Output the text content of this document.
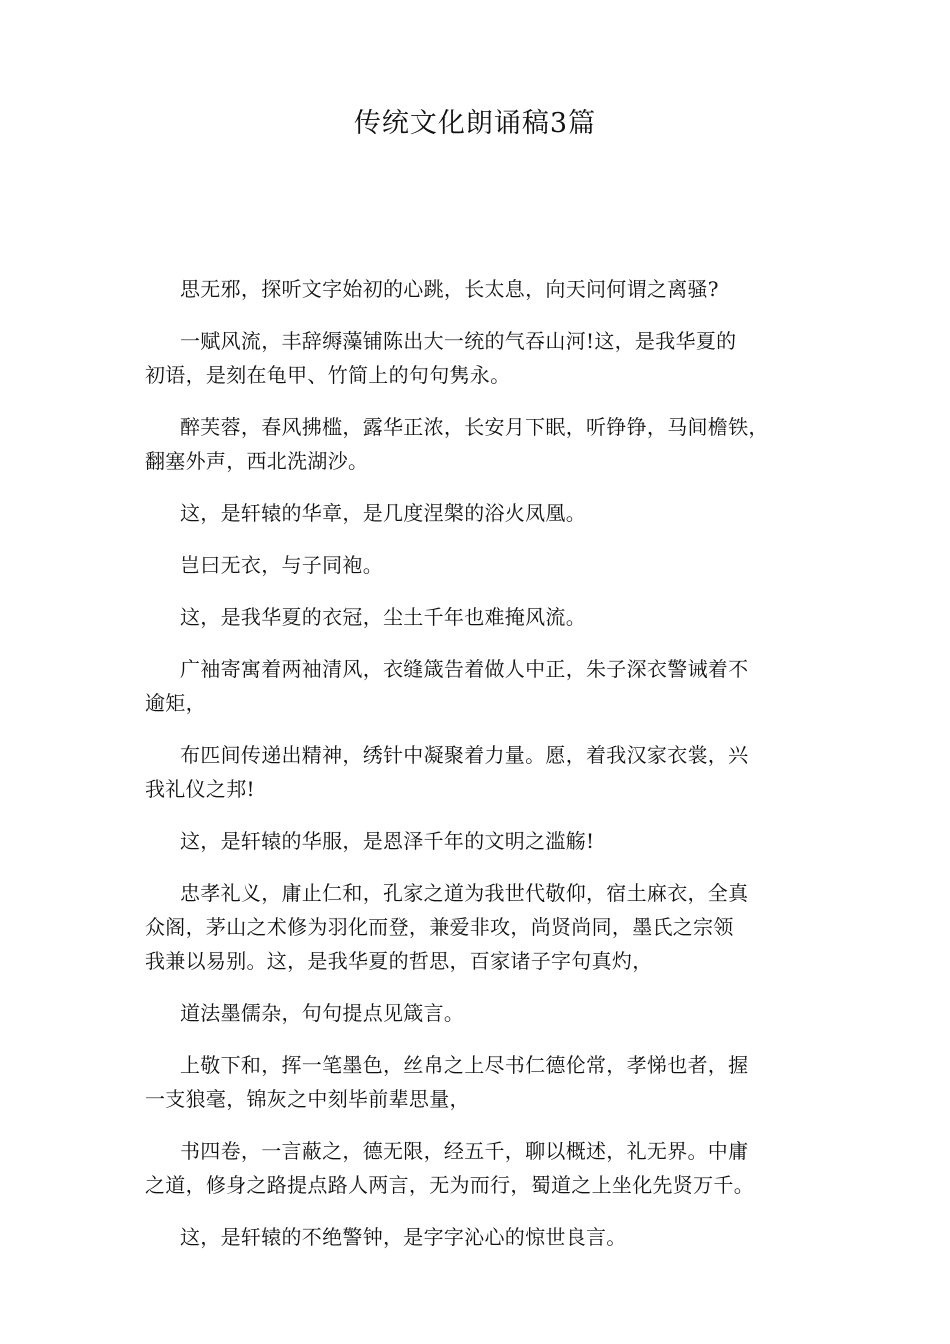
传统文化朗诵稿3篇

思无邪，探听文字始初的心跳，长太息，向天问何谓之离骚?

一赋风流，丰辞缛藻铺陈出大一统的气吞山河!这，是我华夏的
初语，是刻在龟甲、竹简上的句句隽永。

醉芙蓉，春风拂槛，露华正浓，长安月下眠，听铮铮，马间檐铁，
翻塞外声，西北洗湖沙。

这，是轩辕的华章，是几度涅槃的浴火凤凰。

岂曰无衣，与子同袍。

这，是我华夏的衣冠，尘土千年也难掩风流。

广袖寄寓着两袖清风，衣缝箴告着做人中正，朱子深衣警诫着不
逾矩，

布匹间传递出精神，绣针中凝聚着力量。愿，着我汉家衣裳，兴
我礼仪之邦!

这，是轩辕的华服，是恩泽千年的文明之滥觞!

忠孝礼义，庸止仁和，孔家之道为我世代敬仰，宿土麻衣，全真
众阁，茅山之术修为羽化而登，兼爱非攻，尚贤尚同，墨氏之宗领
我兼以易别。这，是我华夏的哲思，百家诸子字句真灼，

道法墨儒杂，句句提点见箴言。

上敬下和，挥一笔墨色，丝帛之上尽书仁德伦常，孝悌也者，握
一支狼毫，锦灰之中刻毕前辈思量，

书四卷，一言蔽之，德无限，经五千，聊以概述，礼无界。中庸
之道，修身之路提点路人两言，无为而行，蜀道之上坐化先贤万千。

这，是轩辕的不绝警钟，是字字沁心的惊世良言。
